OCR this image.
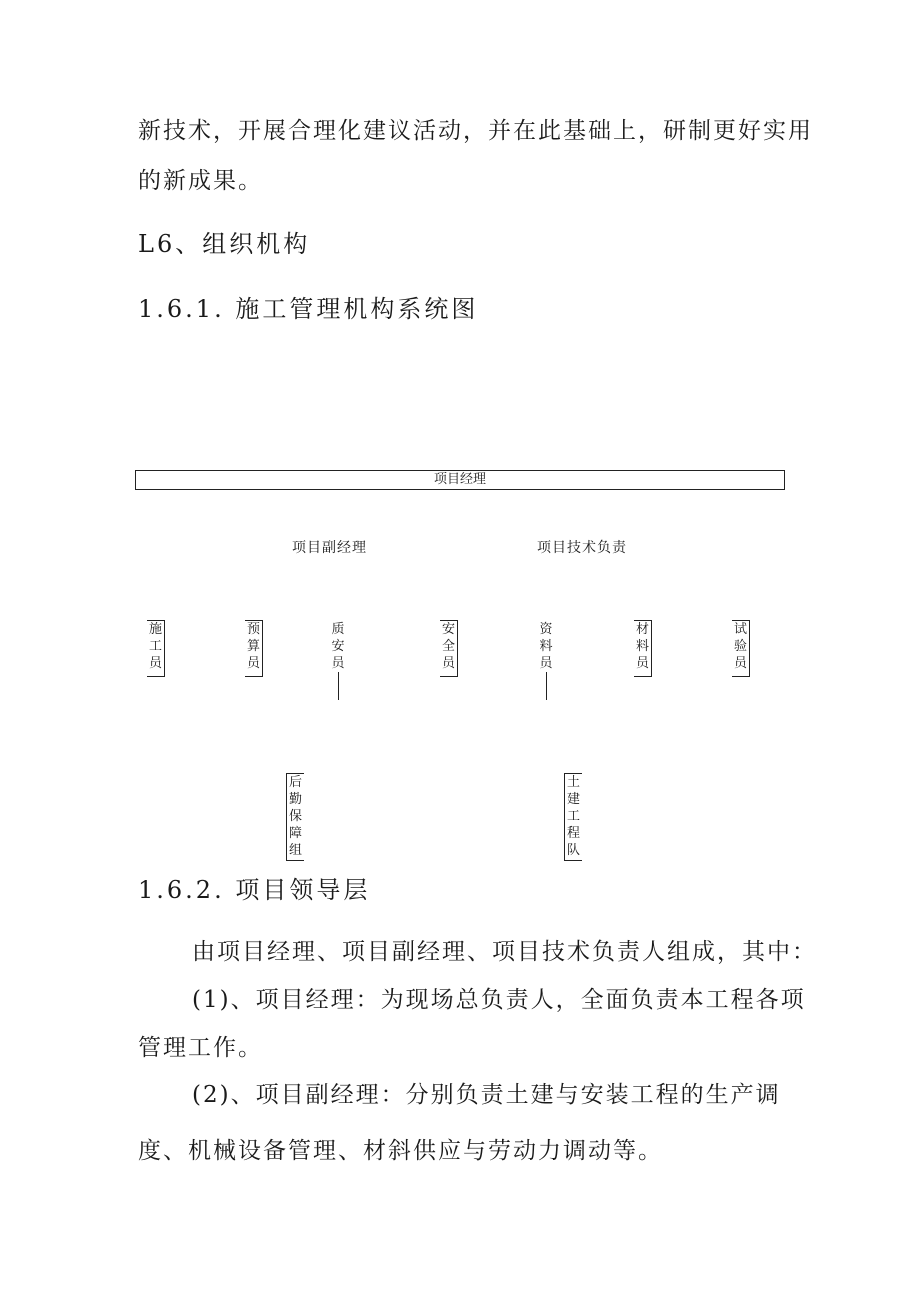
新技术，开展合理化建议活动，并在此基础上，研制更好实用
的新成果。
L6、组织机构
1.6.1. 施工管理机构系统图
项目经理
项目副经理	项目技术负责
施工员
预算员
质安员
安全员
资料员
材料员
试验员
后勤保障组
土建工程队
1.6.2. 项目领导层
由项目经理、项目副经理、项目技术负责人组成，其中：
(1)、项目经理：为现场总负责人，全面负责本工程各项
管理工作。
(2)、项目副经理：分别负责土建与安装工程的生产调
度、机械设备管理、材斜供应与劳动力调动等。
